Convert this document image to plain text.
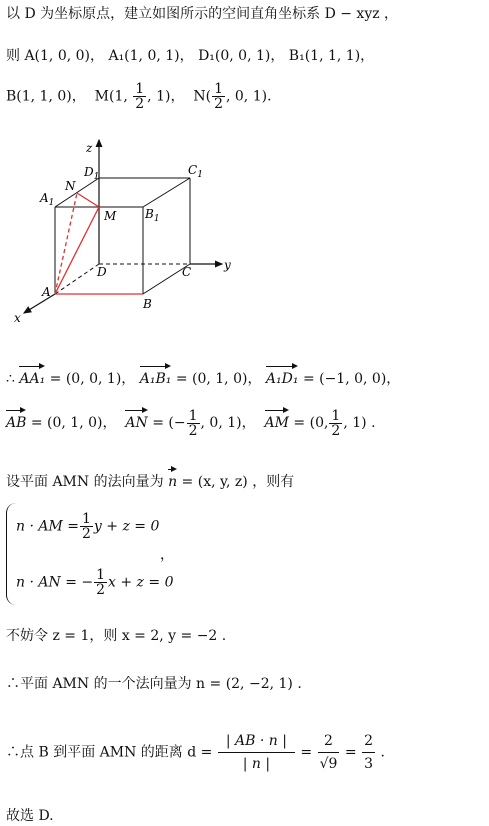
以 D 为坐标原点，建立如图所示的空间直角坐标系 D − xyz ，
则 A(1, 0, 0)， A₁(1, 0, 1)， D₁(0, 0, 1)， B₁(1, 1, 1)，
B(1, 1, 0)， M(1, $\frac{1}{2}$ , 1)， $N( \frac{1}{2}$ , 0, 1).
z
y
x
$D_1$	$C_1$
$A_1$
N
M $B_1$
D	C
A
B
∴ AA₁ = (0, 0, 1)， A₁B₁ = (0, 1, 0)， A₁D₁ = (−1, 0, 0)，
AB = (0, 1, 0)， AN = (− $\frac{1}{2}$ , 0, 1)， AM = (0, $\frac{1}{2}$ , 1) .
设平面 AMN 的法向量为 n = (x, y, z) ，则有
n · AM = $\frac{1}{2}$ y + z = 0
，
n · AN = − $\frac{1}{2}$ x + z = 0
不妨令 z = 1，则 x = 2, y = −2 .
∴平面 AMN 的一个法向量为 n = (2, −2, 1) .
∴点 B 到平面 AMN 的距离 $d = \frac{| AB \cdot n |}{| n |} = \frac{2}{√9} = \frac{2}{3}$ .
故选 D.
